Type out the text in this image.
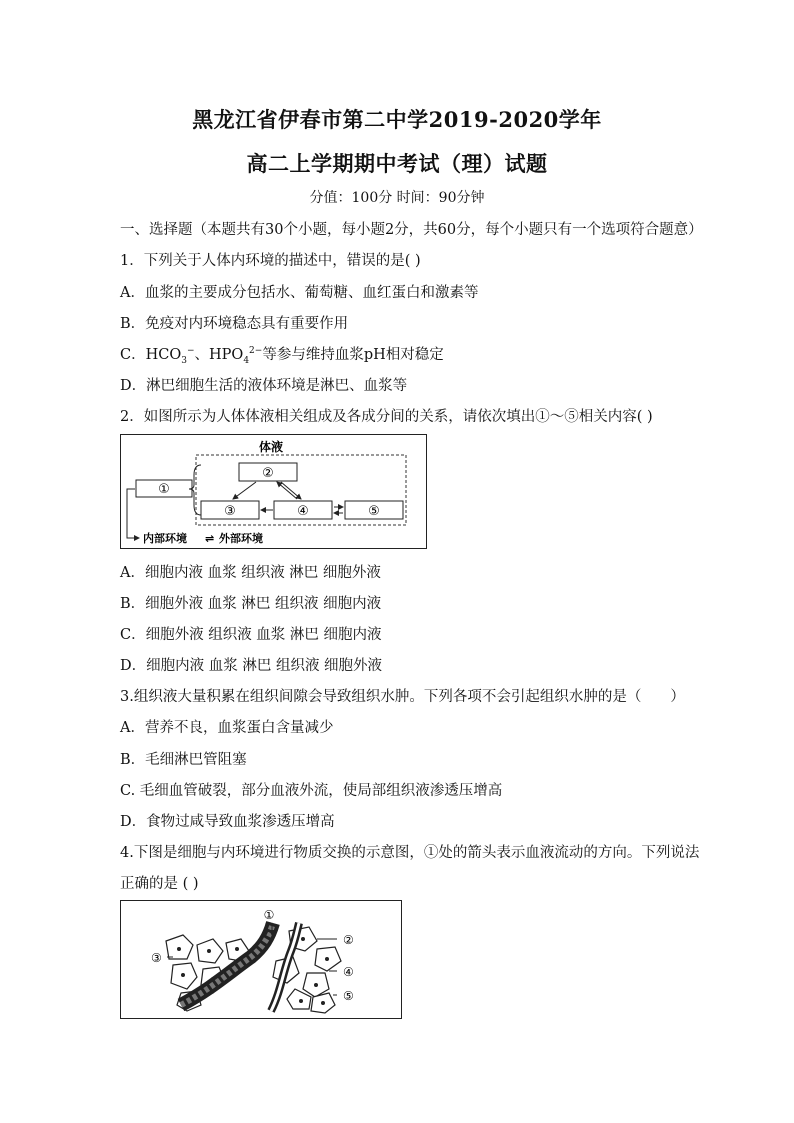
黑龙江省伊春市第二中学2019-2020学年
高二上学期期中考试（理）试题
分值：100分 时间：90分钟
一、选择题（本题共有30个小题，每小题2分，共60分，每个小题只有一个选项符合题意）
1．下列关于人体内环境的描述中，错误的是( )
A．血浆的主要成分包括水、葡萄糖、血红蛋白和激素等
B．免疫对内环境稳态具有重要作用
C．$HCO_3^-$、$HPO_4^{2-}$等参与维持血浆pH相对稳定
D．淋巴细胞生活的液体环境是淋巴、血浆等
2．如图所示为人体体液相关组成及各成分间的关系，请依次填出①～⑤相关内容( )
体液
①
②
③	④	⑤
内部环境 ⇌ 外部环境
A．细胞内液 血浆 组织液 淋巴 细胞外液
B．细胞外液 血浆 淋巴 组织液 细胞内液
C．细胞外液 组织液 血浆 淋巴 细胞内液
D．细胞内液 血浆 淋巴 组织液 细胞外液
3.组织液大量积累在组织间隙会导致组织水肿。下列各项不会引起组织水肿的是（　　）
A．营养不良，血浆蛋白含量减少
B．毛细淋巴管阻塞
C. 毛细血管破裂，部分血液外流，使局部组织液渗透压增高
D．食物过咸导致血浆渗透压增高
4.下图是细胞与内环境进行物质交换的示意图，①处的箭头表示血液流动的方向。下列说法
正确的是 ( )
①
②
③
④
⑤
